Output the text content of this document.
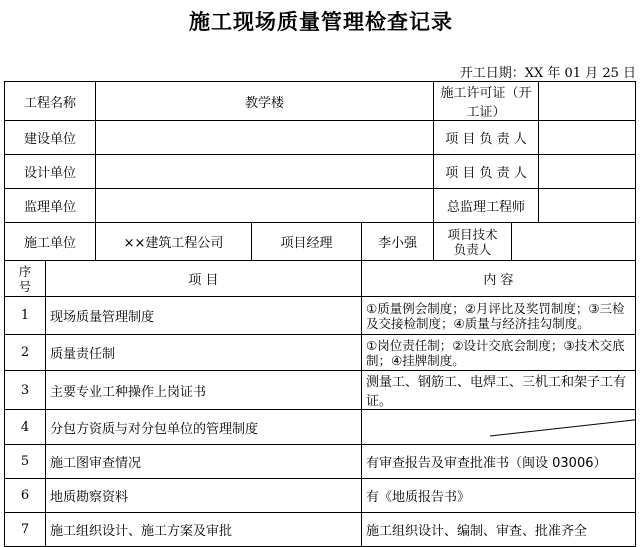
施工现场质量管理检查记录
开工日期：XX 年 01 月 25 日
工程名称		教学楼			施工许可证（开工证）		
建设单位					项 目 负 责 人		
设计单位					项 目 负 责 人		
监理单位					总监理工程师		
施工单位		××建筑工程公司	项目经理	李小强	项目技术
负责人		

序
号	项 目			内 容			
1	现场质量管理制度			①质量例会制度；②月评比及奖罚制度；③三检及交接检制度；④质量与经济挂勾制度。			
2	质量责任制			①岗位责任制；②设计交底会制度；③技术交底制；④挂牌制度。			
3	主要专业工种操作上岗证书			测量工、钢筋工、电焊工、三机工和架子工有证。			
4	分包方资质与对分包单位的管理制度	

5	施工图审查情况			有审查报告及审查批准书（闽设 03006）			
6	地质勘察资料			有《地质报告书》			
7	施工组织设计、施工方案及审批			施工组织设计、编制、审查、批准齐全			
